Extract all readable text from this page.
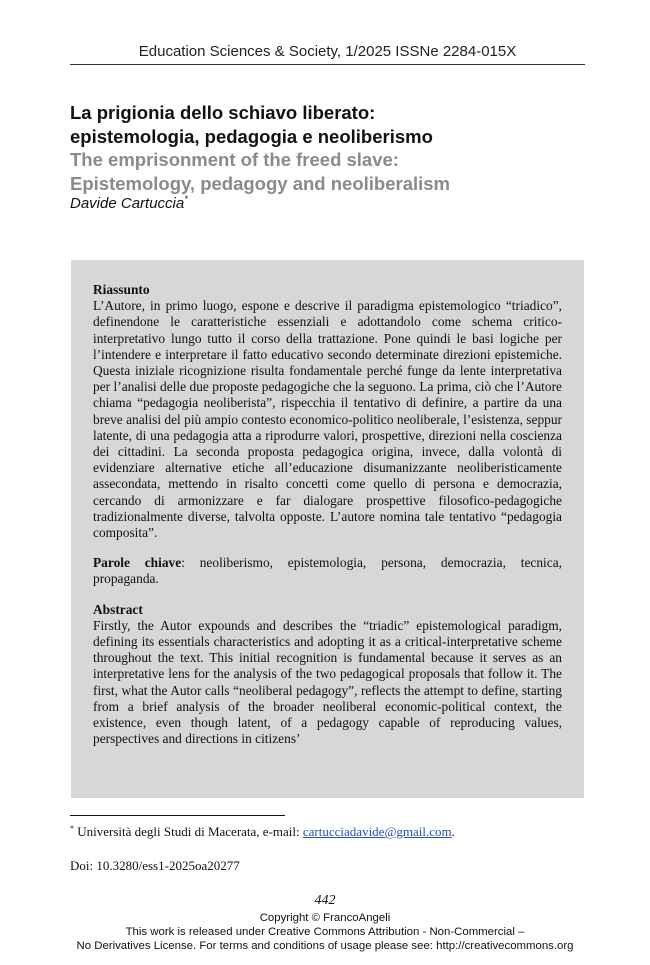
Education Sciences & Society, 1/2025 ISSNe 2284-015X
La prigionia dello schiavo liberato:
epistemologia, pedagogia e neoliberismo
The emprisonment of the freed slave:
Epistemology, pedagogy and neoliberalism
Davide Cartuccia*
Riassunto

L’Autore, in primo luogo, espone e descrive il paradigma epistemologico “triadico”, definendone le caratteristiche essenziali e adottandolo come schema critico-interpretativo lungo tutto il corso della trattazione. Pone quindi le basi logiche per l’intendere e interpretare il fatto educativo secondo determinate direzioni epistemiche. Questa iniziale ricognizione risulta fondamentale perché funge da lente interpretativa per l’analisi delle due proposte pedagogiche che la seguono. La prima, ciò che l’Autore chiama “pedagogia neoliberista”, rispecchia il tentativo di definire, a partire da una breve analisi del più ampio contesto economico-politico neoliberale, l’esistenza, seppur latente, di una pedagogia atta a riprodurre valori, prospettive, direzioni nella coscienza dei cittadini. La seconda proposta pedagogica origina, invece, dalla volontà di evidenziare alternative etiche all’educazione disumanizzante neoliberisticamente assecondata, mettendo in risalto concetti come quello di persona e democrazia, cercando di armonizzare e far dialogare prospettive filosofico-pedagogiche tradizionalmente diverse, talvolta opposte. L’autore nomina tale tentativo “pedagogia composita”.

Parole chiave: neoliberismo, epistemologia, persona, democrazia, tecnica, propaganda.

Abstract

Firstly, the Autor expounds and describes the “triadic” epistemological paradigm, defining its essentials characteristics and adopting it as a critical-interpretative scheme throughout the text. This initial recognition is fundamental because it serves as an interpretative lens for the analysis of the two pedagogical proposals that follow it. The first, what the Autor calls “neoliberal pedagogy”, reflects the attempt to define, starting from a brief analysis of the broader neoliberal economic-political context, the existence, even though latent, of a pedagogy capable of reproducing values, perspectives and directions in citizens’

* Università degli Studi di Macerata, e-mail: cartucciadavide@gmail.com.
Doi: 10.3280/ess1-2025oa20277
442
Copyright © FrancoAngeli
This work is released under Creative Commons Attribution - Non-Commercial –
No Derivatives License. For terms and conditions of usage please see: http://creativecommons.org
